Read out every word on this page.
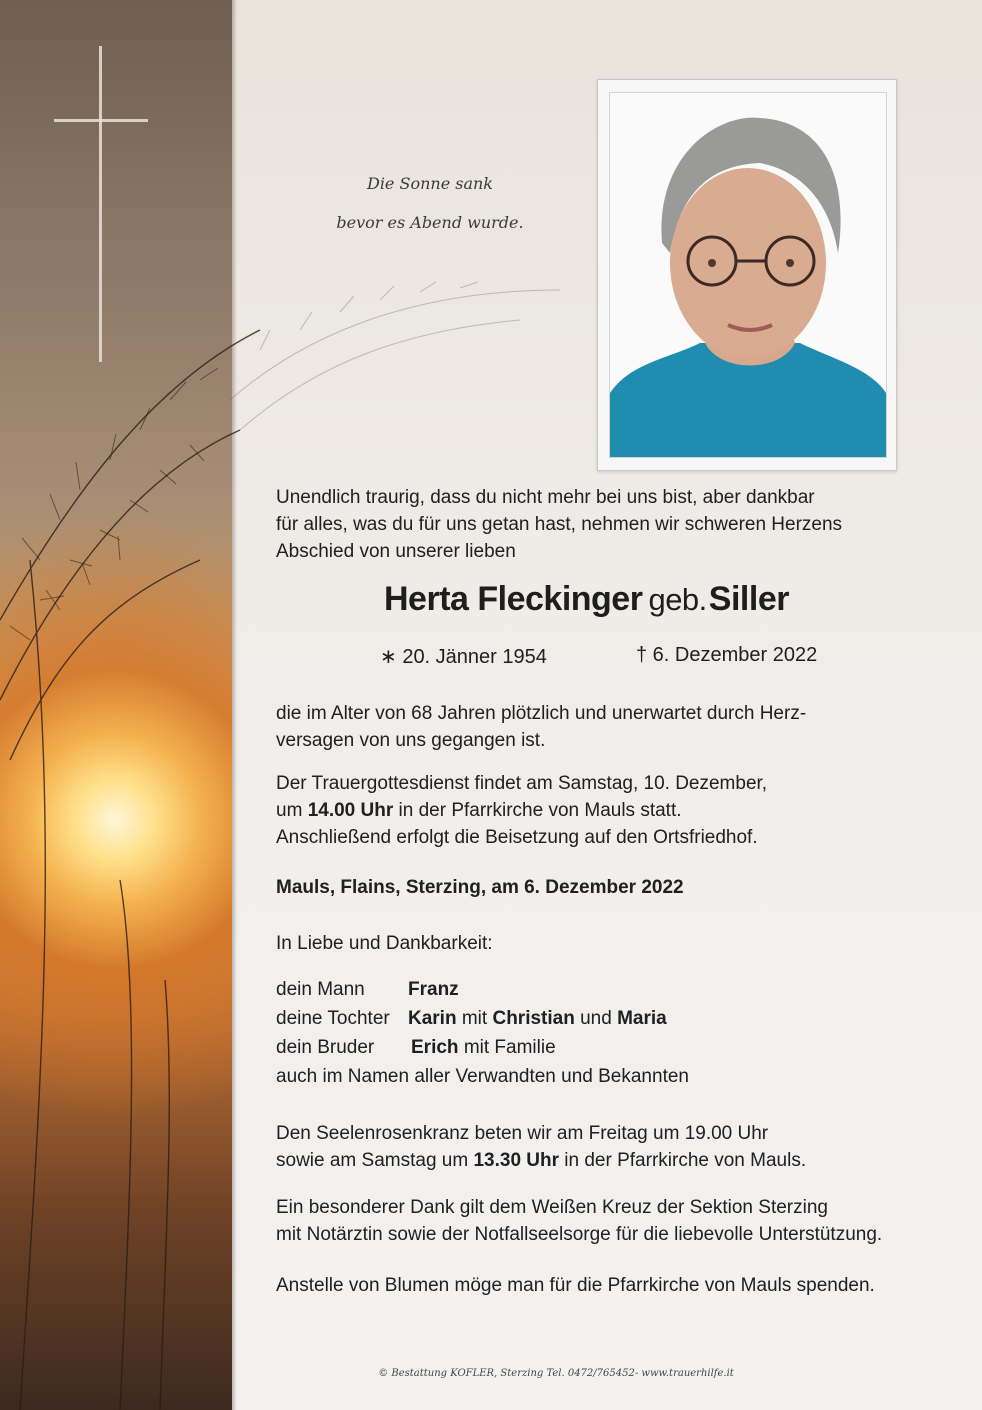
Die Sonne sank
bevor es Abend wurde.

Unendlich traurig, dass du nicht mehr bei uns bist, aber dankbar

für alles, was du für uns getan hast, nehmen wir schweren Herzens

Abschied von unserer lieben

Herta Fleckinger geb.Siller
∗ 20. Jänner 1954	† 6. Dezember 2022

die im Alter von 68 Jahren plötzlich und unerwartet durch Herz-

versagen von uns gegangen ist.

Der Trauergottesdienst findet am Samstag, 10. Dezember,

um 14.00 Uhr in der Pfarrkirche von Mauls statt.

Anschließend erfolgt die Beisetzung auf den Ortsfriedhof.

Mauls, Flains, Sterzing, am 6. Dezember 2022
In Liebe und Dankbarkeit:
dein Mann Franz
deine Tochter Karin mit Christian und Maria
dein Bruder Erich mit Familie
auch im Namen aller Verwandten und Bekannten

Den Seelenrosenkranz beten wir am Freitag um 19.00 Uhr

sowie am Samstag um 13.30 Uhr in der Pfarrkirche von Mauls.

Ein besonderer Dank gilt dem Weißen Kreuz der Sektion Sterzing

mit Notärztin sowie der Notfallseelsorge für die liebevolle Unterstützung.

Anstelle von Blumen möge man für die Pfarrkirche von Mauls spenden.
© Bestattung KOFLER, Sterzing Tel. 0472/765452- www.trauerhilfe.it
